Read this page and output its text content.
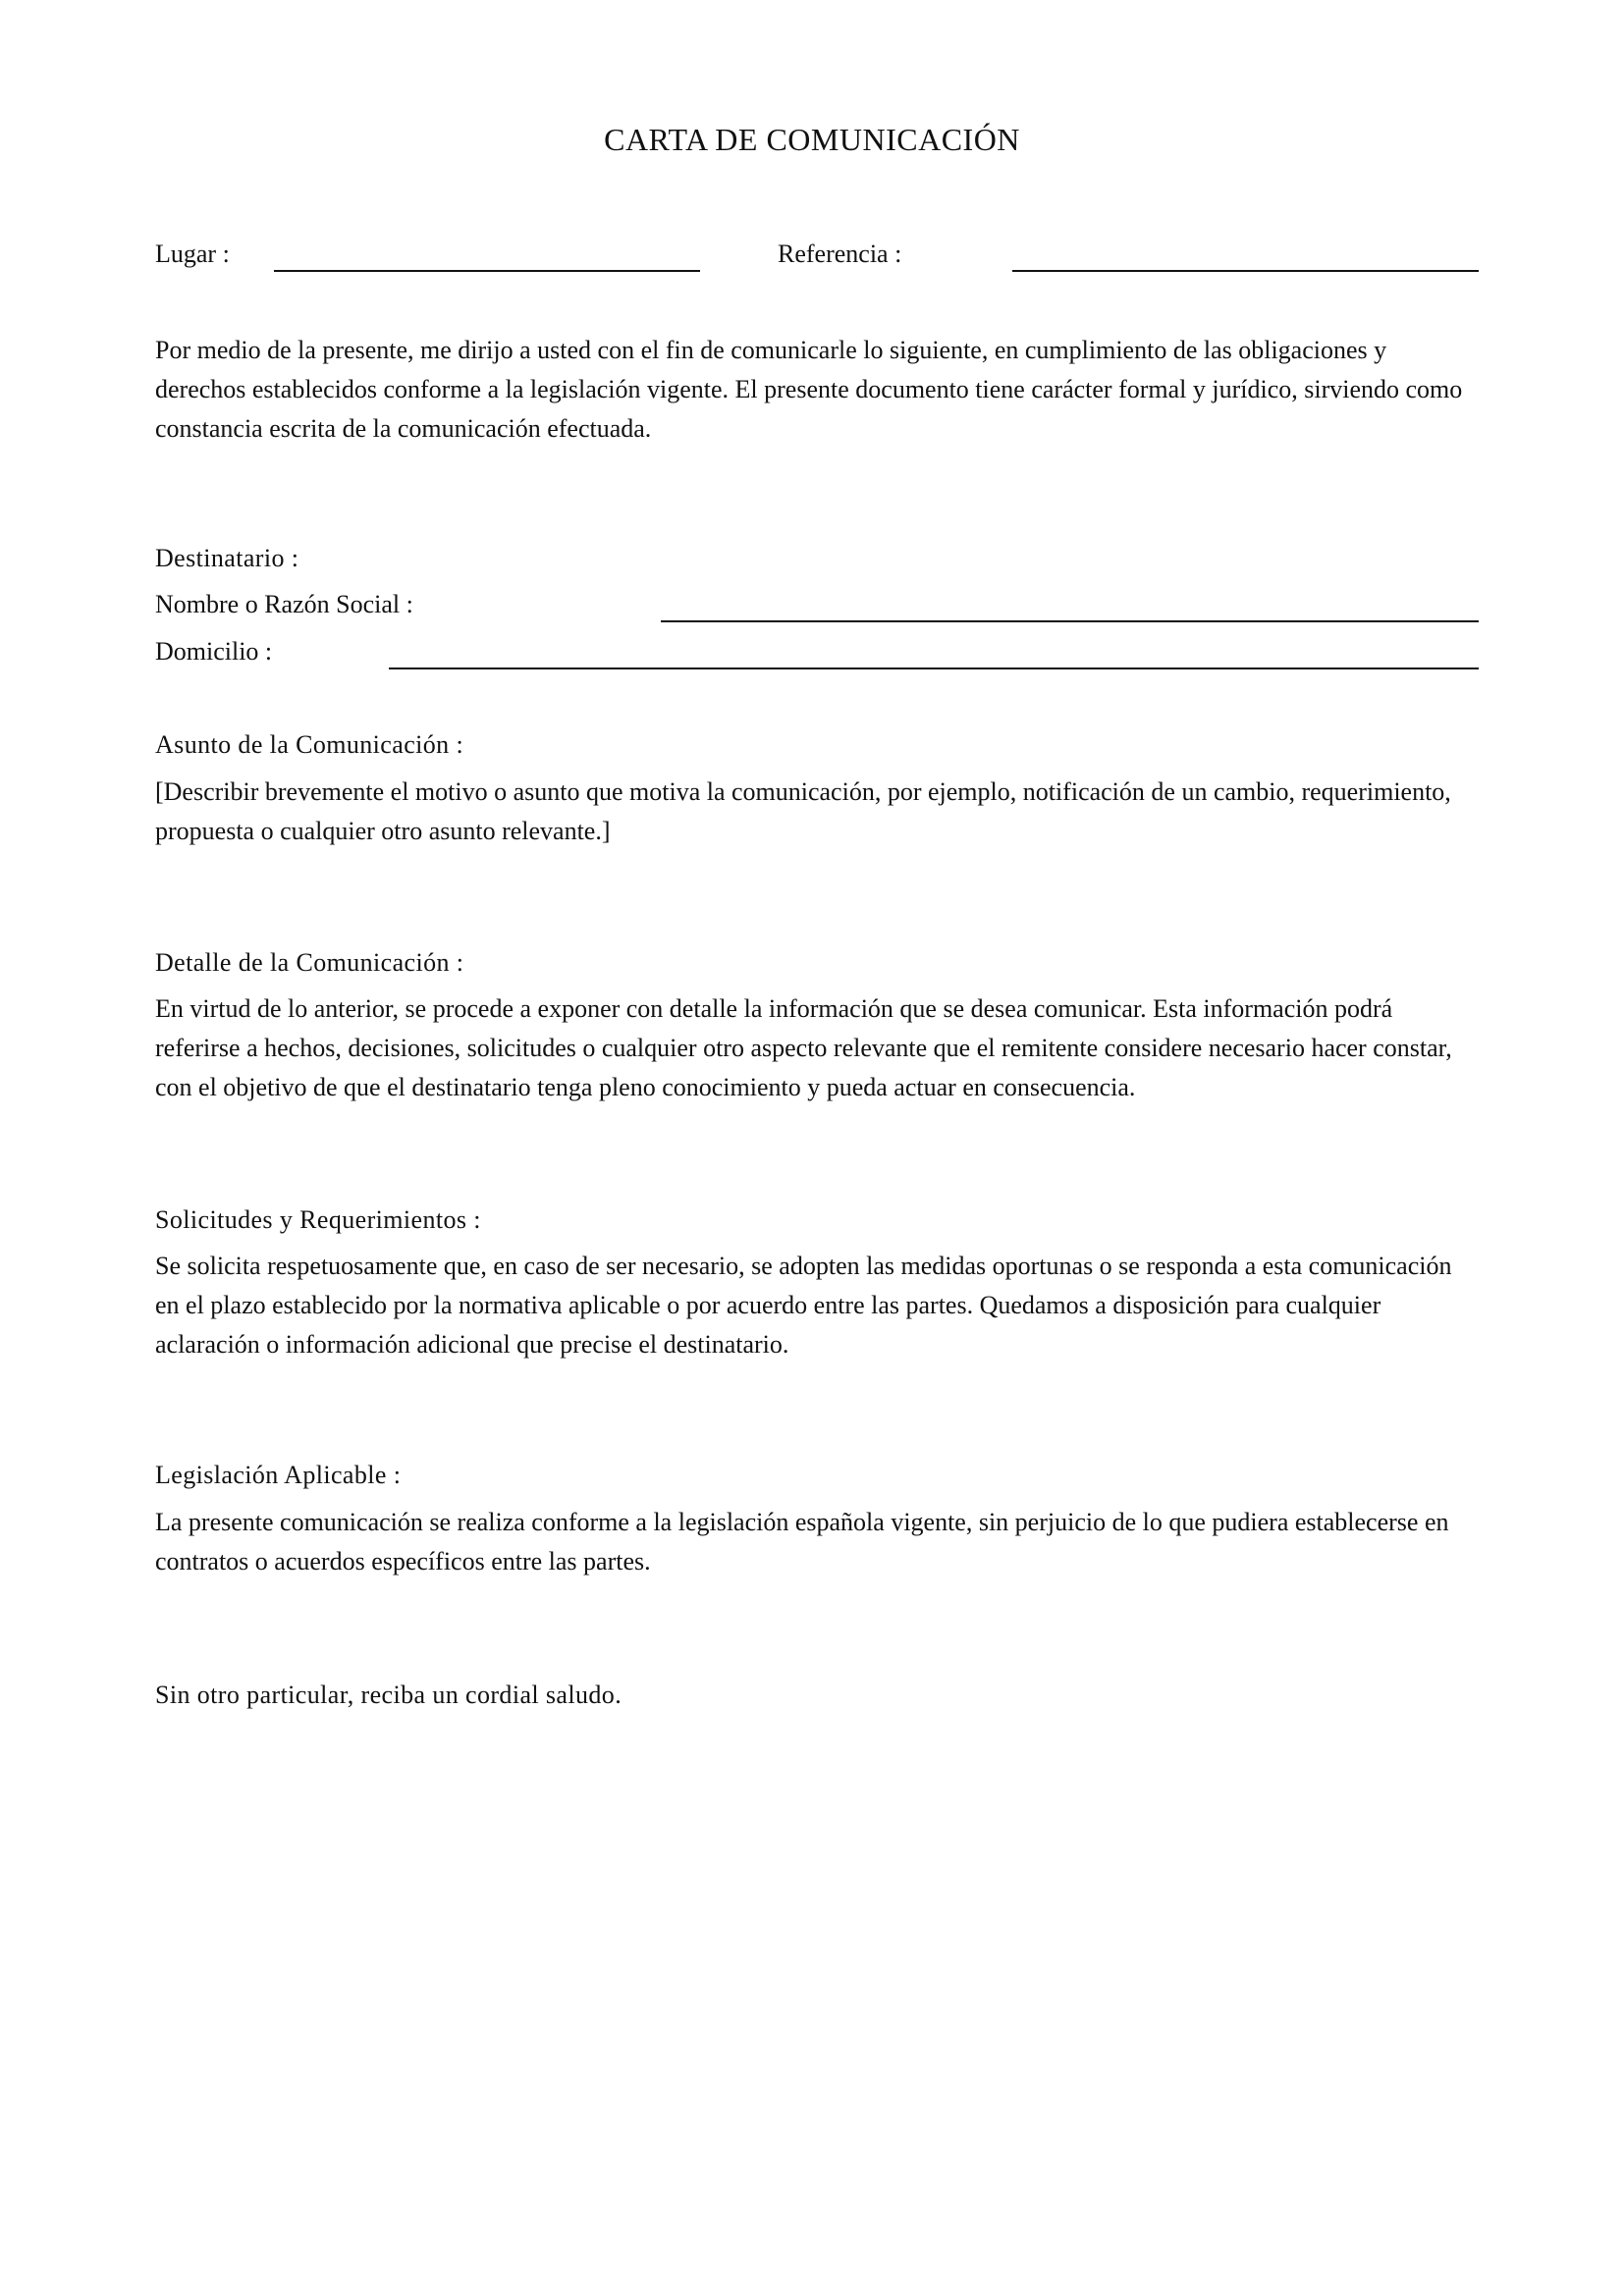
CARTA DE COMUNICACIÓN
Lugar :	Referencia :
Por medio de la presente, me dirijo a usted con el fin de comunicarle lo siguiente, en cumplimiento de las obligaciones y derechos establecidos conforme a la legislación vigente. El presente documento tiene carácter formal y jurídico, sirviendo como constancia escrita de la comunicación efectuada.
Destinatario :
Nombre o Razón Social :
Domicilio :
Asunto de la Comunicación :
[Describir brevemente el motivo o asunto que motiva la comunicación, por ejemplo, notificación de un cambio, requerimiento, propuesta o cualquier otro asunto relevante.]
Detalle de la Comunicación :
En virtud de lo anterior, se procede a exponer con detalle la información que se desea comunicar. Esta información podrá referirse a hechos, decisiones, solicitudes o cualquier otro aspecto relevante que el remitente considere necesario hacer constar, con el objetivo de que el destinatario tenga pleno conocimiento y pueda actuar en consecuencia.
Solicitudes y Requerimientos :
Se solicita respetuosamente que, en caso de ser necesario, se adopten las medidas oportunas o se responda a esta comunicación en el plazo establecido por la normativa aplicable o por acuerdo entre las partes. Quedamos a disposición para cualquier aclaración o información adicional que precise el destinatario.
Legislación Aplicable :
La presente comunicación se realiza conforme a la legislación española vigente, sin perjuicio de lo que pudiera establecerse en contratos o acuerdos específicos entre las partes.
Sin otro particular, reciba un cordial saludo.
